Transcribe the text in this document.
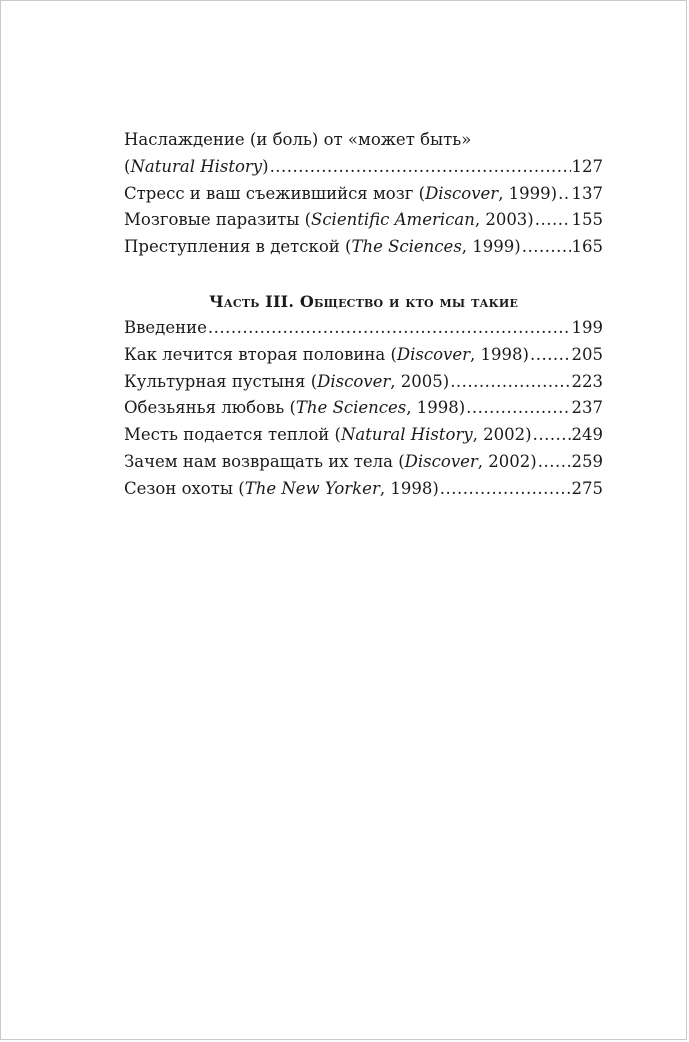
Наслаждение (и боль) от «может быть»
(Natural History) .....	127
Стресс и ваш съежившийся мозг (Discover, 1999) ..... 137
Мозговые паразиты (Scientific American, 2003) ..... 155
Преступления в детской (The Sciences, 1999) .....	165
Часть III. Общество и кто мы такие
Введение .....	199
Как лечится вторая половина (Discover, 1998) .....	205
Культурная пустыня (Discover, 2005) .....	223
Обезьянья любовь (The Sciences, 1998) .....	237
Месть подается теплой (Natural History, 2002) ..... 249
Зачем нам возвращать их тела (Discover, 2002) ..... 259
Сезон охоты (The New Yorker, 1998) .....	275
